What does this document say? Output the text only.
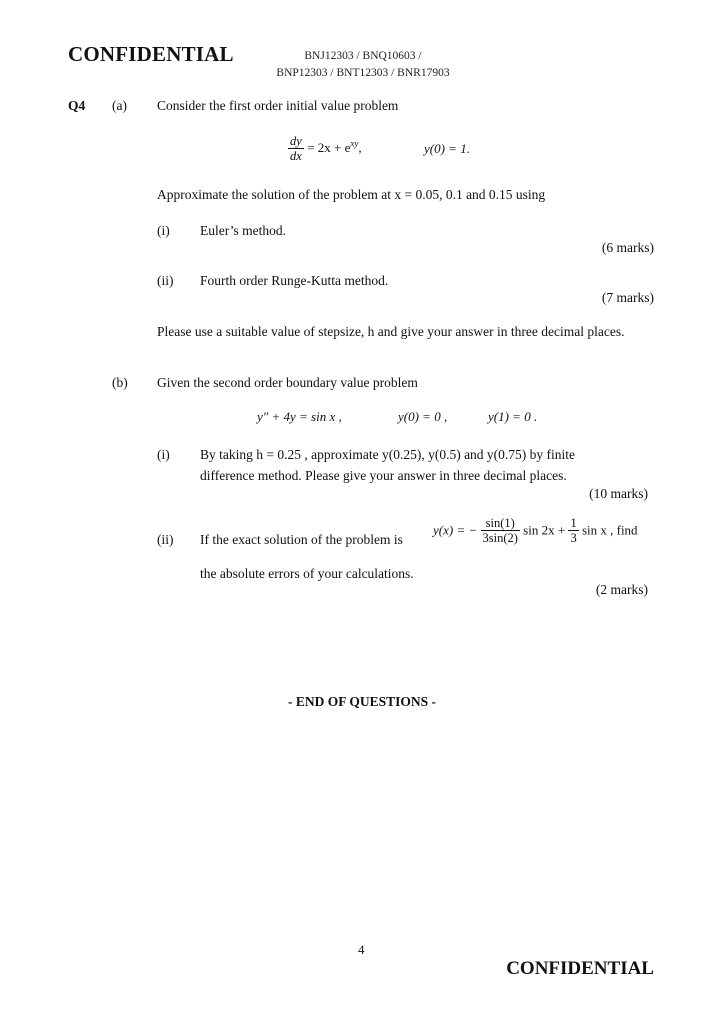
CONFIDENTIAL	BNJ12303 / BNQ10603 /
BNP12303 / BNT12303 / BNR17903
Q4 (a) Consider the first order initial value problem
$\frac{dy}{dx} = 2x + e^{xy}$,	y(0) = 1.
Approximate the solution of the problem at x = 0.05, 0.1 and 0.15 using
(i) Euler’s method.
(6 marks)
(ii) Fourth order Runge-Kutta method.
(7 marks)
Please use a suitable value of stepsize, h and give your answer in three decimal places.
(b) Given the second order boundary value problem
y" + 4y = sin x ,	y(0) = 0 ,	y(1) = 0 .
(i) By taking h = 0.25 , approximate y(0.25), y(0.5) and y(0.75) by finite
difference method. Please give your answer in three decimal places.
(10 marks)
(ii) If the exact solution of the problem is
y(x) = − $\frac{\sin(1)}{3\sin(2)}$ $\sin 2x + \frac{1}{3}$ sin x , find
the absolute errors of your calculations.
(2 marks)
- END OF QUESTIONS -
4
CONFIDENTIAL
